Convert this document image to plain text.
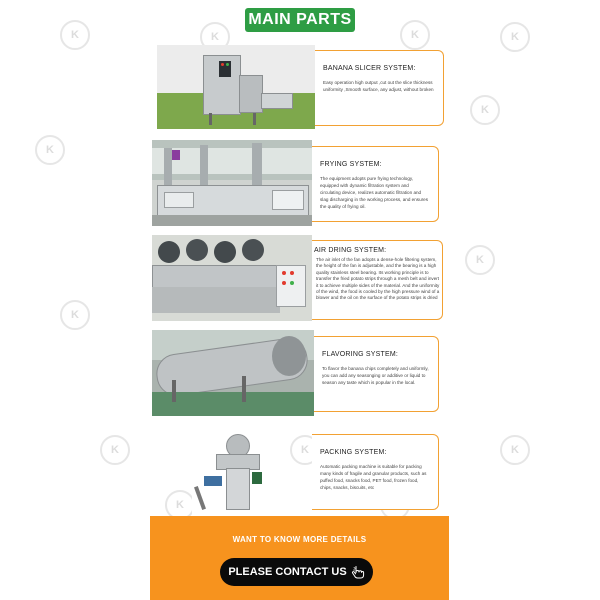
K	K	K	K
K
K
K
K
K	K	K
K
MAIN PARTS
BANANA SLICER SYSTEM:
Easy operation high output ,cut out the slice thickness uniformity ,Smooth surface, any adjust, without broken
FRYING SYSTEM:
The equipment adopts pure frying technology, equipped with dynamic filtration system and circulating device, realizes automatic filtration and slag discharging in the working process, and ensures the quality of frying oil.
AIR DRING SYSTEM:
The air inlet of the fan adopts a dense-hole filtering system, the height of the fan is adjustable, and the bearing is a high quality stainless steel bearing. Its working principle is to transfer the fried potato strips through a mesh belt and invert it to achieve multiple sides of the material. And the uniformity of the wind, the food is cooled by the high pressure wind of a blower and the oil on the surface of the potato strips is dried
FLAVORING SYSTEM:
To flavor the banana chips completely and uniformly, you can add any seasonging or additive or liquid to season any taste which is popular in the local.
PACKING SYSTEM:
Automatic packing machine is suitable for packing many kinds of fragile and granular products, such as puffed food, snacks food, PET food, frozen food, chips, snacks, biscuits, etc
WANT TO KNOW MORE DETAILS
PLEASE CONTACT US
